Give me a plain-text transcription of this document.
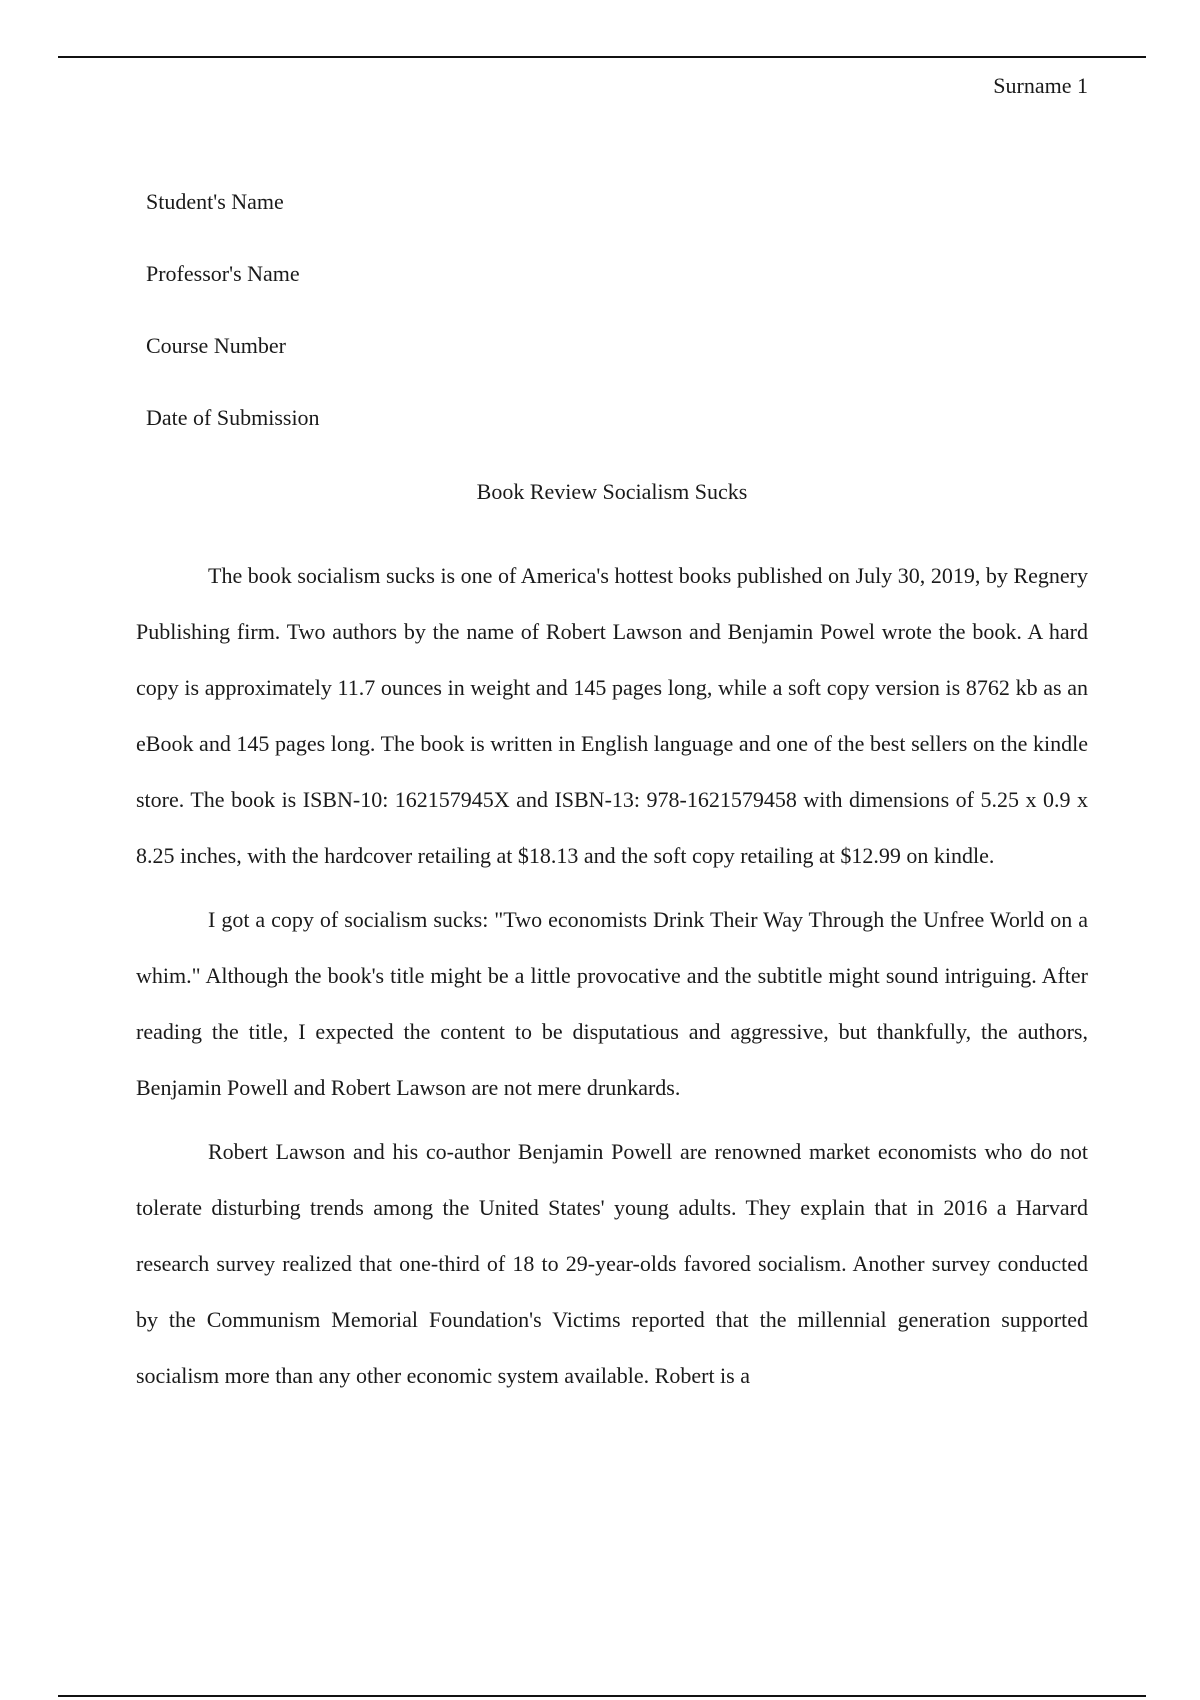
Surname 1
Student's Name
Professor's Name
Course Number
Date of Submission
Book Review Socialism Sucks

The book socialism sucks is one of America's hottest books published on July 30, 2019, by Regnery Publishing firm. Two authors by the name of Robert Lawson and Benjamin Powel wrote the book. A hard copy is approximately 11.7 ounces in weight and 145 pages long, while a soft copy version is 8762 kb as an eBook and 145 pages long. The book is written in English language and one of the best sellers on the kindle store. The book is ISBN-10: 162157945X and ISBN-13: 978-1621579458 with dimensions of 5.25 x 0.9 x 8.25 inches, with the hardcover retailing at $18.13 and the soft copy retailing at $12.99 on kindle.

I got a copy of socialism sucks: "Two economists Drink Their Way Through the Unfree World on a whim." Although the book's title might be a little provocative and the subtitle might sound intriguing. After reading the title, I expected the content to be disputatious and aggressive, but thankfully, the authors, Benjamin Powell and Robert Lawson are not mere drunkards.

Robert Lawson and his co-author Benjamin Powell are renowned market economists who do not tolerate disturbing trends among the United States' young adults. They explain that in 2016 a Harvard research survey realized that one-third of 18 to 29-year-olds favored socialism. Another survey conducted by the Communism Memorial Foundation's Victims reported that the millennial generation supported socialism more than any other economic system available. Robert is a
